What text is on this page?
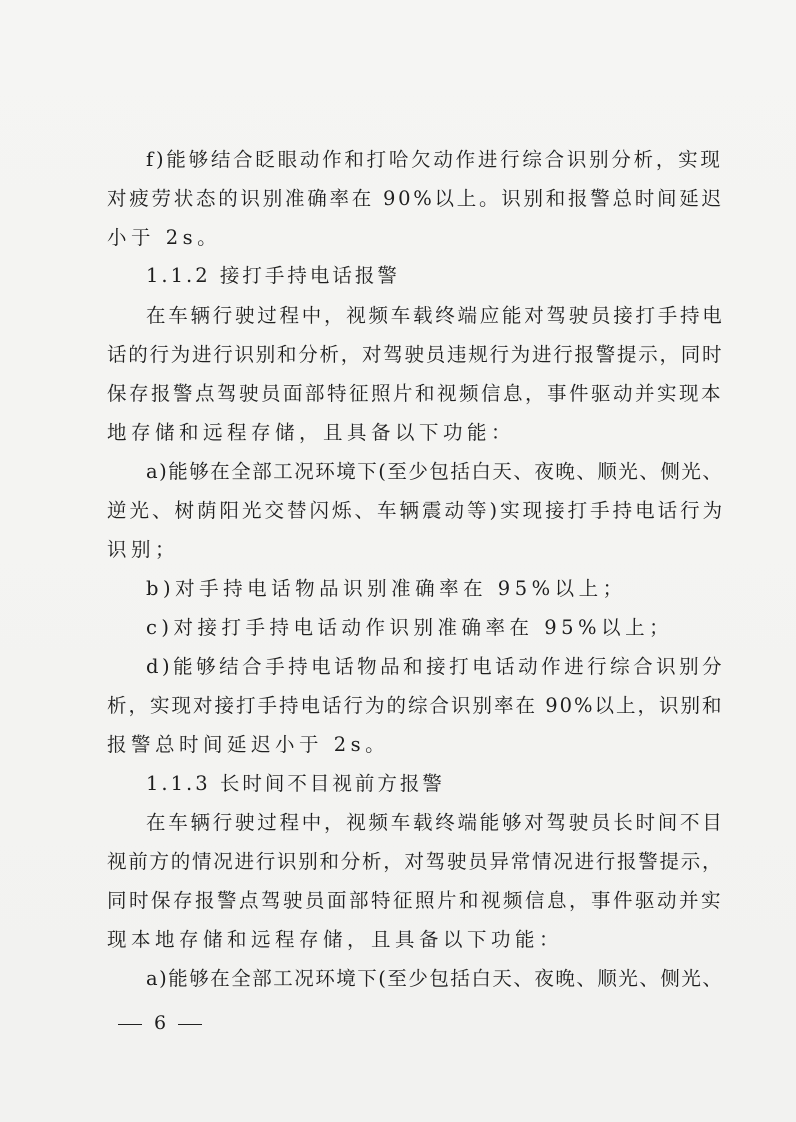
f)能够结合眨眼动作和打哈欠动作进行综合识别分析，实现
对疲劳状态的识别准确率在 90%以上。识别和报警总时间延迟
小于 2s。
1.1.2 接打手持电话报警
在车辆行驶过程中，视频车载终端应能对驾驶员接打手持电
话的行为进行识别和分析，对驾驶员违规行为进行报警提示，同时
保存报警点驾驶员面部特征照片和视频信息，事件驱动并实现本
地存储和远程存储，且具备以下功能：
a)能够在全部工况环境下(至少包括白天、夜晚、顺光、侧光、
逆光、树荫阳光交替闪烁、车辆震动等)实现接打手持电话行为
识别；
b)对手持电话物品识别准确率在 95%以上；
c)对接打手持电话动作识别准确率在 95%以上；
d)能够结合手持电话物品和接打电话动作进行综合识别分
析，实现对接打手持电话行为的综合识别率在 90%以上，识别和
报警总时间延迟小于 2s。
1.1.3 长时间不目视前方报警
在车辆行驶过程中，视频车载终端能够对驾驶员长时间不目
视前方的情况进行识别和分析，对驾驶员异常情况进行报警提示，
同时保存报警点驾驶员面部特征照片和视频信息，事件驱动并实
现本地存储和远程存储，且具备以下功能：
a)能够在全部工况环境下(至少包括白天、夜晚、顺光、侧光、
6
